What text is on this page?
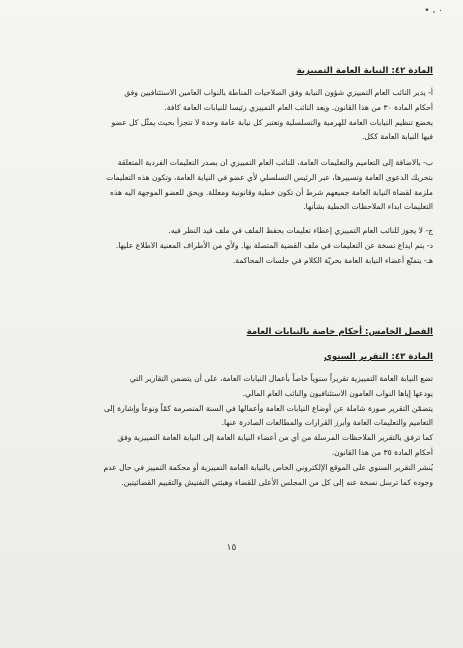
• ، ۰
المادة ٤٢: النيابة العامة التمييزية
أ- يدير النائب العام التمييزي شؤون النيابة وفق الصلاحيات المناطة بالنواب العامين الاستئنافيين وفق
أحكام المادة ٣٠ من هذا القانون. ويعد النائب العام التمييزي رئيسا للنيابات العامة كافة.
يخضع تنظيم النيابات العامة للهرمية والتسلسلية وتعتبر كل نيابة عامة وحدة لا تتجزأ بحيث يمثّل كل عضو
فيها النيابة العامة ككل.
ب- بالاضافة إلى التعاميم والتعليمات العامة، للنائب العام التمييزي ان يصدر التعليمات الفردية المتعلقة
بتحريك الدعوى العامة وتسييرها، عبر الرئيس التسلسلي لأي عضو في النيابة العامة، وتكون هذه التعليمات
ملزمة لقضاة النيابة العامة جميعهم شرط أن تكون خطية وقانونية ومعللة. ويحق للعضو الموجهة اليه هذه
التعليمات ابداء الملاحظات الخطية بشأنها.
ج- لا يجوز للنائب العام التمييزي إعطاء تعليمات بحفظ الملف في ملف قيد النظر فيه.
د- يتم ايداع نسخة عن التعليمات في ملف القضية المتصلة بها. ولأي من الأطراف المعنية الاطلاع عليها.
هـ- يتمتّع أعضاء النيابة العامة بحريّة الكلام في جلسات المحاكمة.
الفصل الخامس: أحكام خاصة بالنيابات العامة
المادة ٤٣: التقرير السنوي
تضع النيابة العامة التمييزية تقريراً سنوياً خاصاً بأعمال النيابات العامة، على أن يتضمن التقارير التي
يودعها إياها النواب العامون الاستئنافيون والنائب العام المالي.
يتضمّن التقرير صورة شاملة عن أوضاع النيابات العامة وأعمالها في السنة المنصرمة كمّاً ونوعاً وإشارة إلى
التعاميم والتعليمات العامة وأبرز القرارات والمطالعات الصادرة عنها.
كما ترفق بالتقرير الملاحظات المرسلة من أي من أعضاء النيابة العامة إلى النيابة العامة التمييزية وفق
أحكام المادة ٣٥ من هذا القانون.
يُنشر التقرير السنوي على الموقع الإلكتروني الخاص بالنيابة العامة التمييزية أو محكمة التمييز في حال عدم
وجوده كما ترسل نسخة عنه إلى كل من المجلس الأعلى للقضاء وهيئتي التفتيش والتقييم القضائيتين.
١٥
